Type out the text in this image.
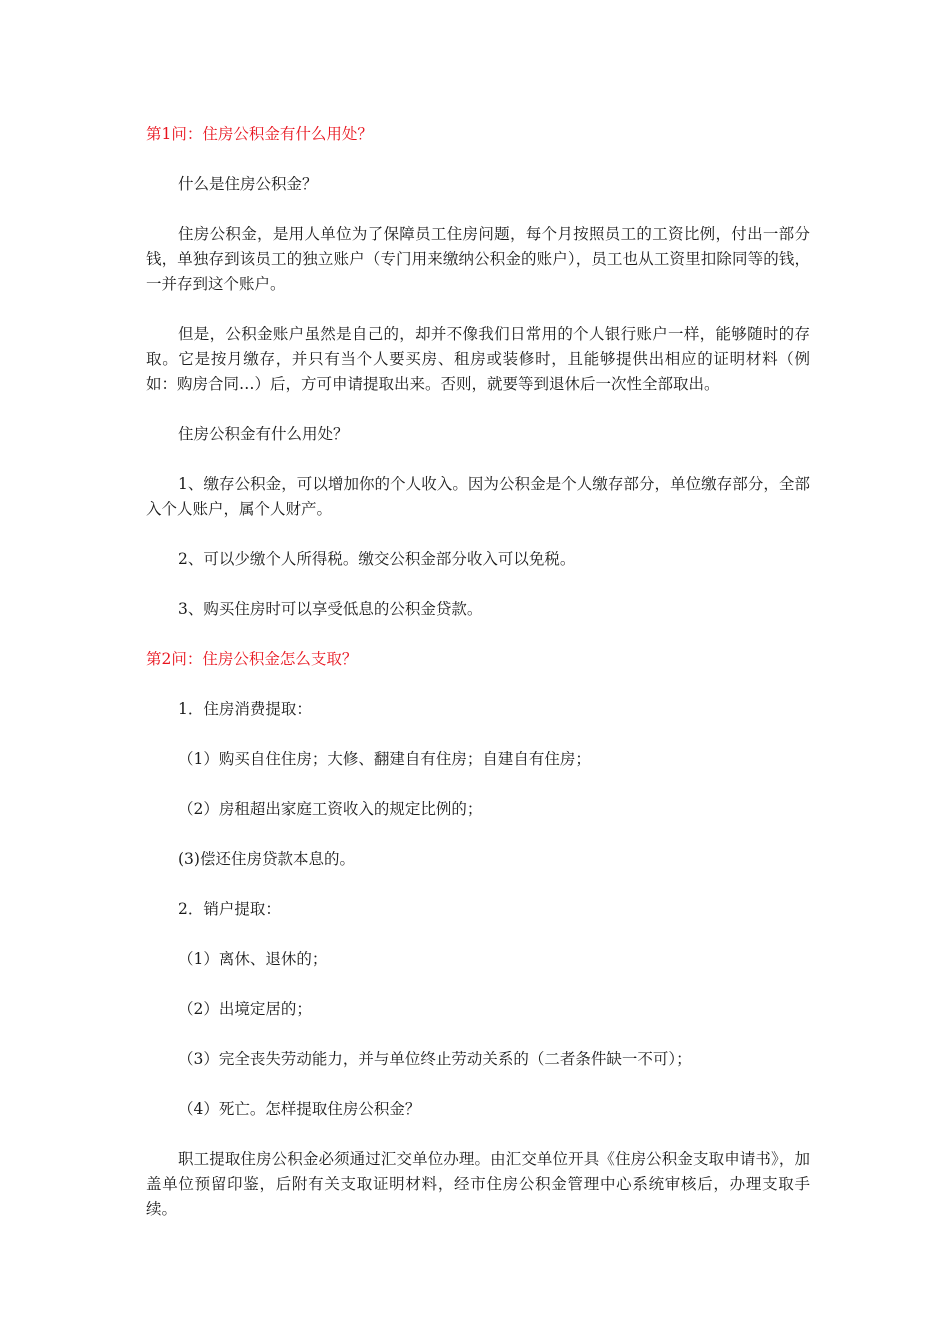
第1问：住房公积金有什么用处？

什么是住房公积金？

住房公积金，是用人单位为了保障员工住房问题，每个月按照员工的工资比例，付出一部分钱，单独存到该员工的独立账户（专门用来缴纳公积金的账户），员工也从工资里扣除同等的钱，一并存到这个账户。

但是，公积金账户虽然是自己的，却并不像我们日常用的个人银行账户一样，能够随时的存取。它是按月缴存，并只有当个人要买房、租房或装修时，且能够提供出相应的证明材料（例如：购房合同…）后，方可申请提取出来。否则，就要等到退休后一次性全部取出。

住房公积金有什么用处？

1、缴存公积金，可以增加你的个人收入。因为公积金是个人缴存部分，单位缴存部分，全部入个人账户，属个人财产。

2、可以少缴个人所得税。缴交公积金部分收入可以免税。

3、购买住房时可以享受低息的公积金贷款。

第2问：住房公积金怎么支取？

1．住房消费提取：

（1）购买自住住房；大修、翻建自有住房；自建自有住房；

（2）房租超出家庭工资收入的规定比例的；

(3)偿还住房贷款本息的。

2．销户提取：

（1）离休、退休的；

（2）出境定居的；

（3）完全丧失劳动能力，并与单位终止劳动关系的（二者条件缺一不可）；

（4）死亡。怎样提取住房公积金？

职工提取住房公积金必须通过汇交单位办理。由汇交单位开具《住房公积金支取申请书》，加盖单位预留印鉴，后附有关支取证明材料，经市住房公积金管理中心系统审核后，办理支取手续。
